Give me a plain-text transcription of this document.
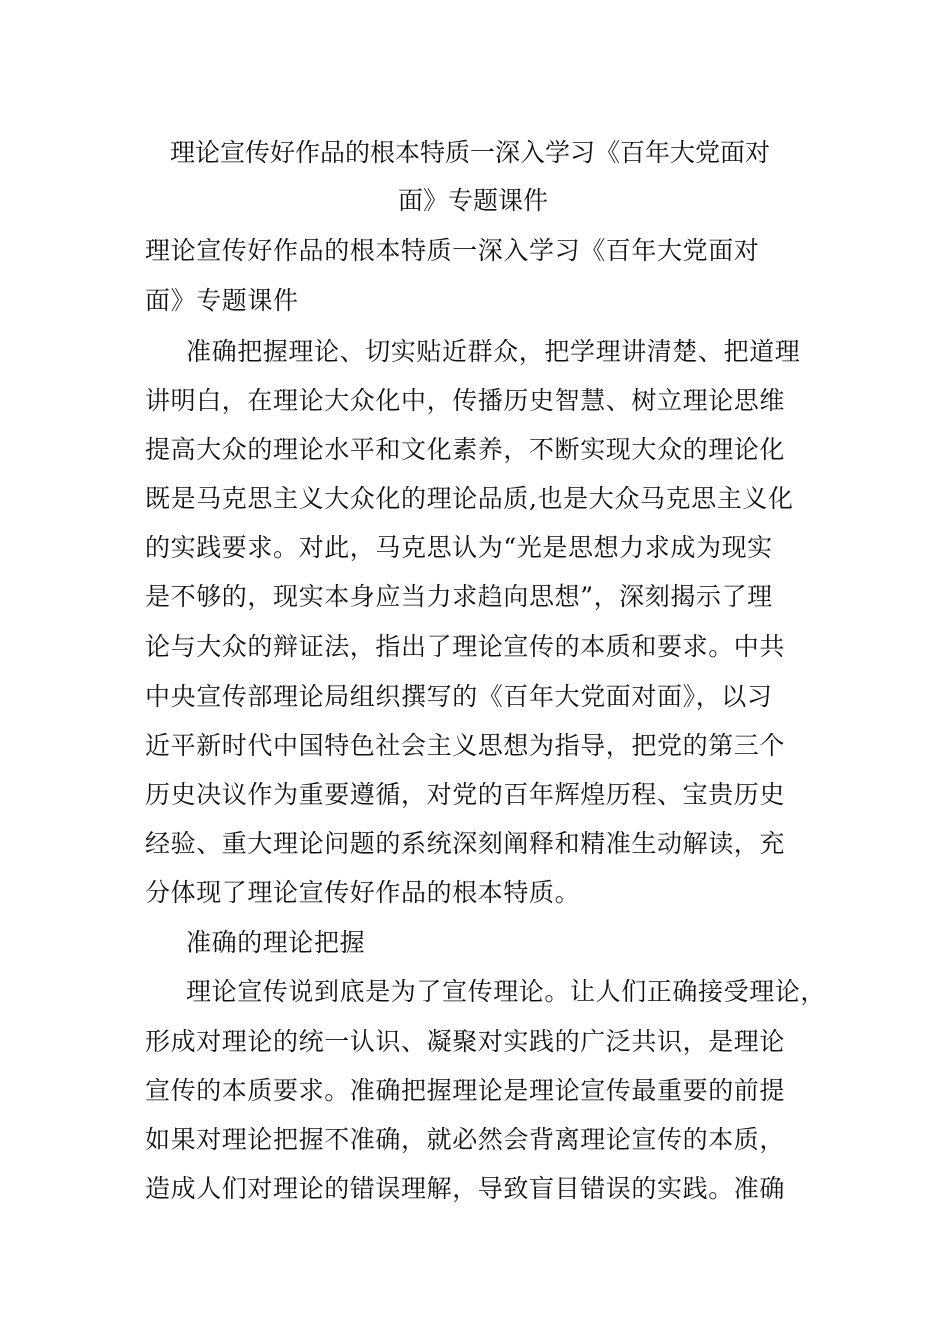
理论宣传好作品的根本特质一深入学习《百年大党面对
面》专题课件
理论宣传好作品的根本特质一深入学习《百年大党面对
面》专题课件
准确把握理论、切实贴近群众，把学理讲清楚、把道理
讲明白，在理论大众化中，传播历史智慧、树立理论思维
提高大众的理论水平和文化素养，不断实现大众的理论化
既是马克思主义大众化的理论品质,也是大众马克思主义化
的实践要求。对此，马克思认为“光是思想力求成为现实
是不够的，现实本身应当力求趋向思想”，深刻揭示了理
论与大众的辩证法，指出了理论宣传的本质和要求。中共
中央宣传部理论局组织撰写的《百年大党面对面》，以习
近平新时代中国特色社会主义思想为指导，把党的第三个
历史决议作为重要遵循，对党的百年辉煌历程、宝贵历史
经验、重大理论问题的系统深刻阐释和精准生动解读，充
分体现了理论宣传好作品的根本特质。
准确的理论把握
理论宣传说到底是为了宣传理论。让人们正确接受理论，
形成对理论的统一认识、凝聚对实践的广泛共识，是理论
宣传的本质要求。准确把握理论是理论宣传最重要的前提
如果对理论把握不准确，就必然会背离理论宣传的本质，
造成人们对理论的错误理解，导致盲目错误的实践。准确
